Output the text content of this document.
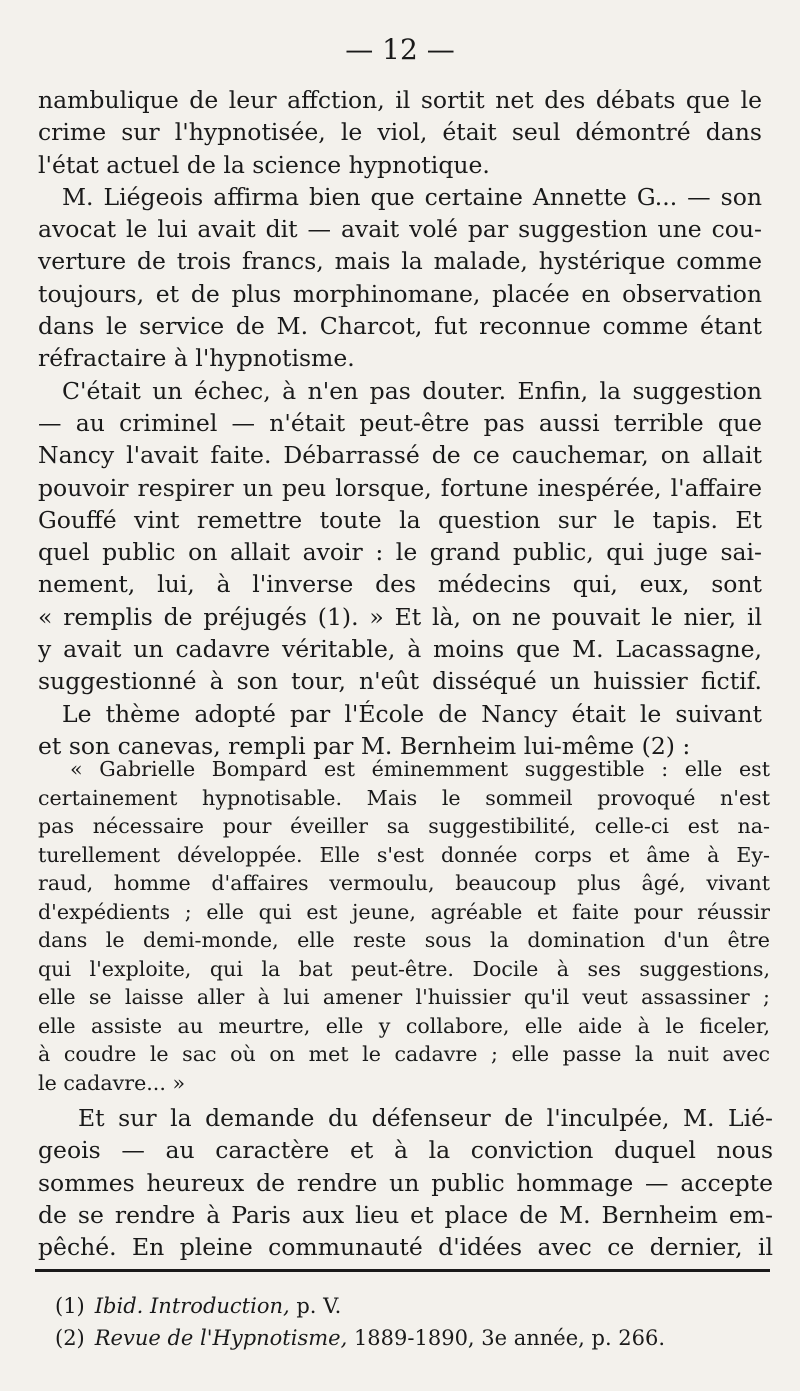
— 12 —
nambulique de leur affction, il sortit net des débats que le
crime sur l'hypnotisée, le viol, était seul démontré dans
l'état actuel de la science hypnotique.
M. Liégeois affirma bien que certaine Annette G... — son
avocat le lui avait dit — avait volé par suggestion une cou-
verture de trois francs, mais la malade, hystérique comme
toujours, et de plus morphinomane, placée en observation
dans le service de M. Charcot, fut reconnue comme étant
réfractaire à l'hypnotisme.
C'était un échec, à n'en pas douter. Enfin, la suggestion
— au criminel — n'était peut-être pas aussi terrible que
Nancy l'avait faite. Débarrassé de ce cauchemar, on allait
pouvoir respirer un peu lorsque, fortune inespérée, l'affaire
Gouffé vint remettre toute la question sur le tapis. Et
quel public on allait avoir : le grand public, qui juge sai-
nement, lui, à l'inverse des médecins qui, eux, sont
« remplis de préjugés (1). » Et là, on ne pouvait le nier, il
y avait un cadavre véritable, à moins que M. Lacassagne,
suggestionné à son tour, n'eût disséqué un huissier fictif.
Le thème adopté par l'École de Nancy était le suivant
et son canevas, rempli par M. Bernheim lui-même (2) :
« Gabrielle Bompard est éminemment suggestible : elle est
certainement hypnotisable. Mais le sommeil provoqué n'est
pas nécessaire pour éveiller sa suggestibilité, celle-ci est na-
turellement développée. Elle s'est donnée corps et âme à Ey-
raud, homme d'affaires vermoulu, beaucoup plus âgé, vivant
d'expédients ; elle qui est jeune, agréable et faite pour réussir
dans le demi-monde, elle reste sous la domination d'un être
qui l'exploite, qui la bat peut-être. Docile à ses suggestions,
elle se laisse aller à lui amener l'huissier qu'il veut assassiner ;
elle assiste au meurtre, elle y collabore, elle aide à le ficeler,
à coudre le sac où on met le cadavre ; elle passe la nuit avec
le cadavre... »
Et sur la demande du défenseur de l'inculpée, M. Lié-
geois — au caractère et à la conviction duquel nous
sommes heureux de rendre un public hommage — accepte
de se rendre à Paris aux lieu et place de M. Bernheim em-
pêché. En pleine communauté d'idées avec ce dernier, il
(1) Ibid. Introduction, p. V.
(2) Revue de l'Hypnotisme, 1889-1890, 3e année, p. 266.
